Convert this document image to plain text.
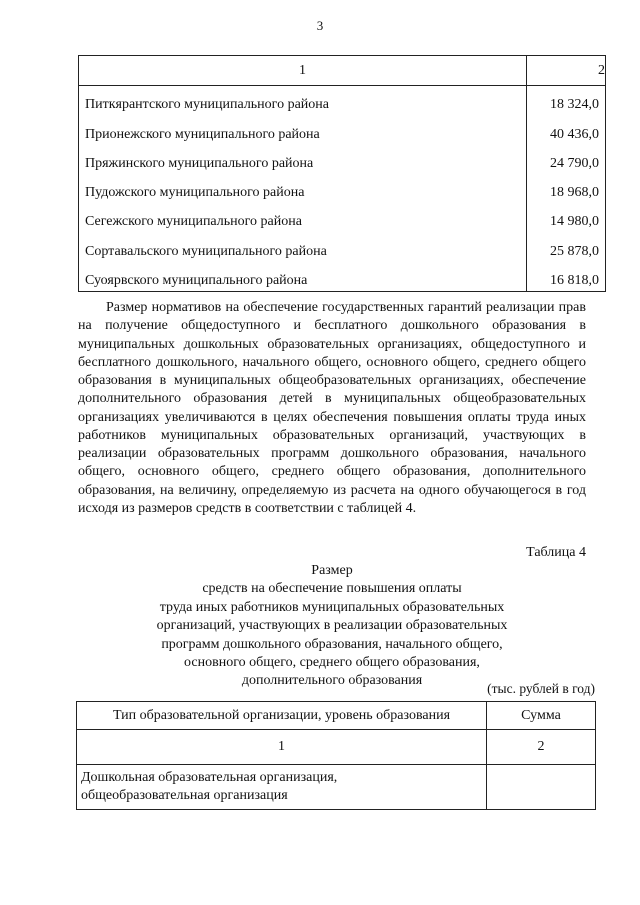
3
1	2
Питкярантского муниципального района	18 324,0
Прионежского муниципального района	40 436,0
Пряжинского муниципального района	24 790,0
Пудожского муниципального района	18 968,0
Сегежского муниципального района	14 980,0
Сортавальского муниципального района	25 878,0
Суоярвского муниципального района	16 818,0

Размер нормативов на обеспечение государственных гарантий реализации прав на получение общедоступного и бесплатного дошкольного образования в муниципальных дошкольных образовательных организациях, общедоступного и бесплатного дошкольного, начального общего, основного общего, среднего общего образования в муниципальных общеобразовательных организациях, обеспечение дополнительного образования детей в муниципальных общеобразовательных организациях увеличиваются в целях обеспечения повышения оплаты труда иных работников муниципальных образовательных организаций, участвующих в реализации образовательных программ дошкольного образования, начального общего, основного общего, среднего общего образования, дополнительного образования, на величину, определяемую из расчета на одного обучающегося в год исходя из размеров средств в соответствии с таблицей 4.

Таблица 4
Размер
средств на обеспечение повышения оплаты
труда иных работников муниципальных образовательных
организаций, участвующих в реализации образовательных
программ дошкольного образования, начального общего,
основного общего, среднего общего образования,
дополнительного образования
(тыс. рублей в год)
Тип образовательной организации, уровень образования	Сумма
1	2

Дошкольная образовательная организация,
общеобразовательная организация	
